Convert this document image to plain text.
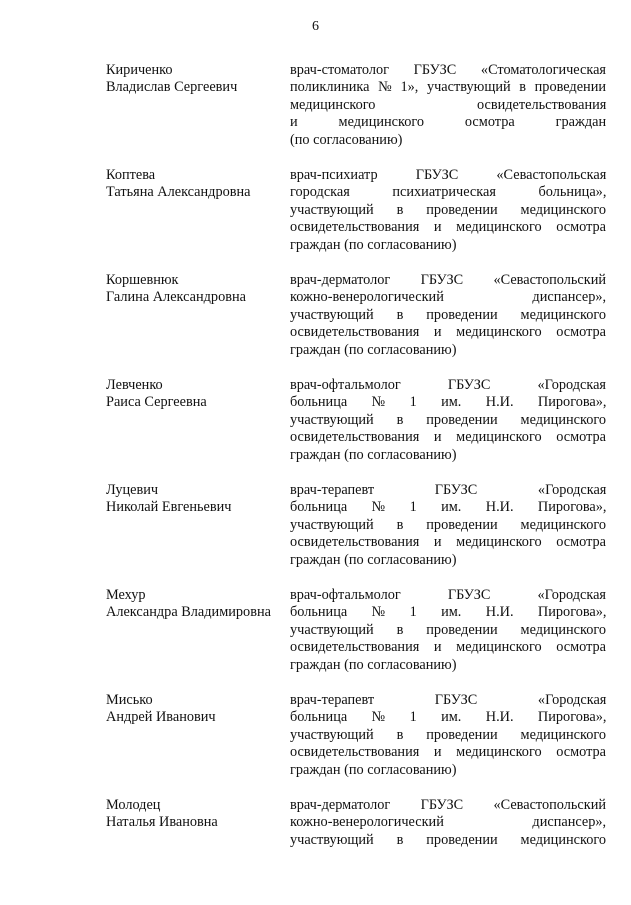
6
Кириченко
Владислав Сергеевич
врач-стоматолог ГБУЗС «Стоматологическая
поликлиника № 1», участвующий в проведении
медицинского освидетельствования
и медицинского осмотра граждан
(по согласованию)
Коптева
Татьяна Александровна
врач-психиатр ГБУЗС «Севастопольская
городская психиатрическая больница»,
участвующий в проведении медицинского
освидетельствования и медицинского осмотра
граждан (по согласованию)
Коршевнюк
Галина Александровна
врач-дерматолог ГБУЗС «Севастопольский
кожно-венерологический диспансер»,
участвующий в проведении медицинского
освидетельствования и медицинского осмотра
граждан (по согласованию)
Левченко
Раиса Сергеевна
врач-офтальмолог ГБУЗС «Городская
больница № 1 им. Н.И. Пирогова»,
участвующий в проведении медицинского
освидетельствования и медицинского осмотра
граждан (по согласованию)
Луцевич
Николай Евгеньевич
врач-терапевт ГБУЗС «Городская
больница № 1 им. Н.И. Пирогова»,
участвующий в проведении медицинского
освидетельствования и медицинского осмотра
граждан (по согласованию)
Мехур
Александра Владимировна
врач-офтальмолог ГБУЗС «Городская
больница № 1 им. Н.И. Пирогова»,
участвующий в проведении медицинского
освидетельствования и медицинского осмотра
граждан (по согласованию)
Мисько
Андрей Иванович
врач-терапевт ГБУЗС «Городская
больница № 1 им. Н.И. Пирогова»,
участвующий в проведении медицинского
освидетельствования и медицинского осмотра
граждан (по согласованию)
Молодец
Наталья Ивановна
врач-дерматолог ГБУЗС «Севастопольский
кожно-венерологический диспансер»,
участвующий в проведении медицинского
